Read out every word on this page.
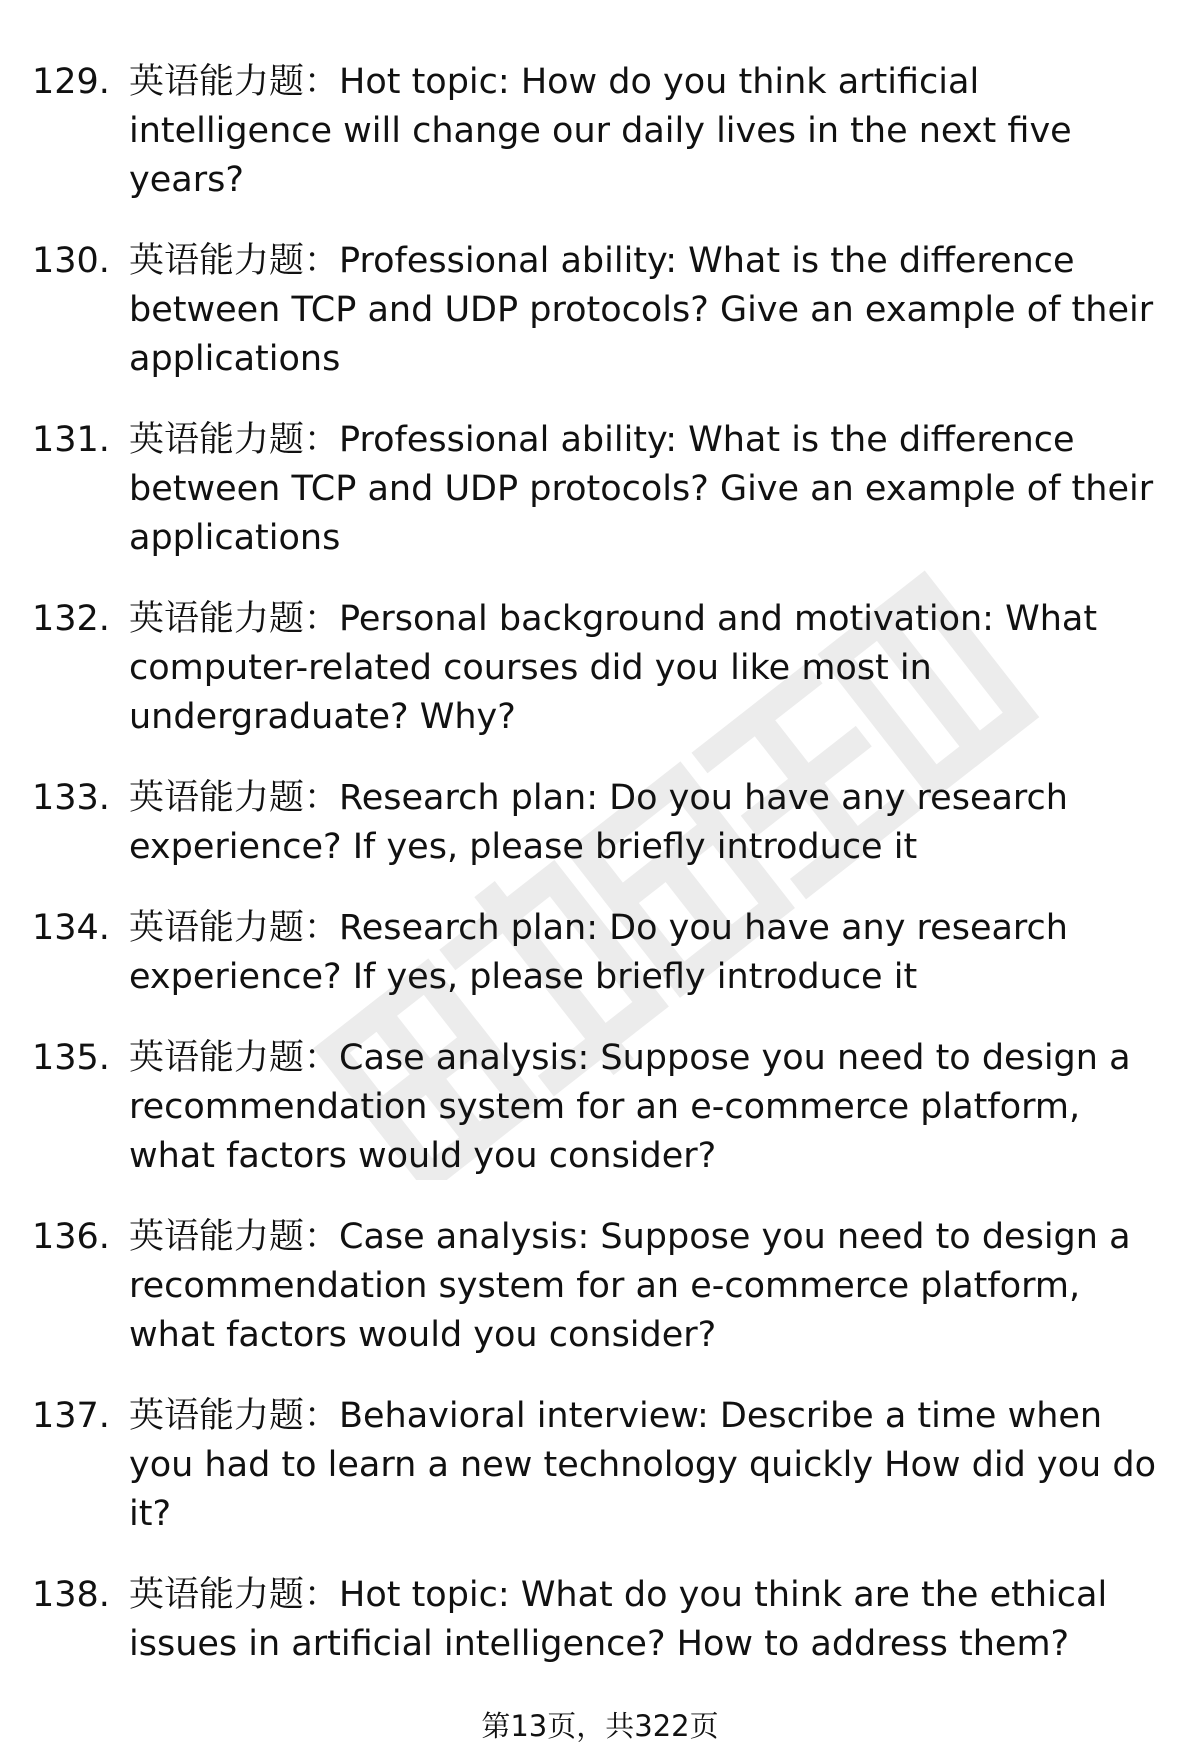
129. 英语能力题：Hot topic: How do you think artificial intelligence will change our daily lives in the next five years?
130. 英语能力题：Professional ability: What is the difference between TCP and UDP protocols? Give an example of their applications
131. 英语能力题：Professional ability: What is the difference between TCP and UDP protocols? Give an example of their applications
132. 英语能力题：Personal background and motivation: What computer-related courses did you like most in undergraduate? Why?
133. 英语能力题：Research plan: Do you have any research experience? If yes, please briefly introduce it
134. 英语能力题：Research plan: Do you have any research experience? If yes, please briefly introduce it
135. 英语能力题：Case analysis: Suppose you need to design a recommendation system for an e-commerce platform, what factors would you consider?
136. 英语能力题：Case analysis: Suppose you need to design a recommendation system for an e-commerce platform, what factors would you consider?
137. 英语能力题：Behavioral interview: Describe a time when you had to learn a new technology quickly How did you do it?
138. 英语能力题：Hot topic: What do you think are the ethical issues in artificial intelligence? How to address them?
第13页，共322页
